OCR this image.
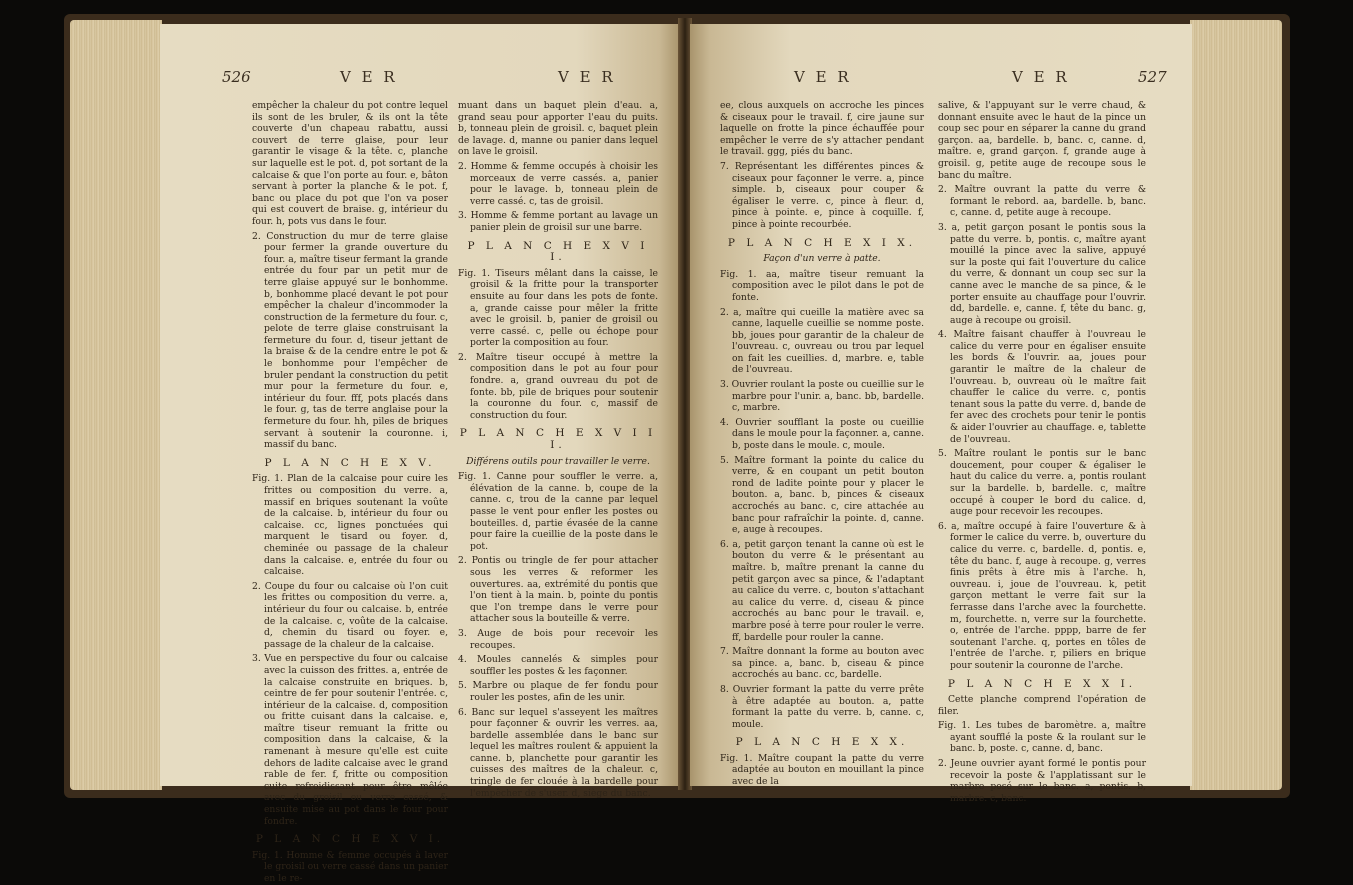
526	V E R	V E R

empêcher la chaleur du pot contre lequel ils sont de les bruler, & ils ont la tête couverte d'un chapeau rabattu, aussi couvert de terre glaise, pour leur garantir le visage & la tête. c, planche sur laquelle est le pot. d, pot sortant de la calcaise & que l'on porte au four. e, bâton servant à porter la planche & le pot. f, banc ou place du pot que l'on va poser qui est couvert de braise. g, intérieur du four. h, pots vus dans le four.

2. Construction du mur de terre glaise pour fermer la grande ouverture du four. a, maître tiseur fermant la grande entrée du four par un petit mur de terre glaise appuyé sur le bonhomme. b, bonhomme placé devant le pot pour empêcher la chaleur d'incommoder la construction de la fermeture du four. c, pelote de terre glaise construisant la fermeture du four. d, tiseur jettant de la braise & de la cendre entre le pot & le bonhomme pour l'empêcher de bruler pendant la construction du petit mur pour la fermeture du four. e, intérieur du four. fff, pots placés dans le four. g, tas de terre anglaise pour la fermeture du four. hh, piles de briques servant à soutenir la couronne. i, massif du banc.

P L A N C H E X V.

Fig. 1. Plan de la calcaise pour cuire les frittes ou composition du verre. a, massif en briques soutenant la voûte de la calcaise. b, intérieur du four ou calcaise. cc, lignes ponctuées qui marquent le tisard ou foyer. d, cheminée ou passage de la chaleur dans la calcaise. e, entrée du four ou calcaise.

2. Coupe du four ou calcaise où l'on cuit les frittes ou composition du verre. a, intérieur du four ou calcaise. b, entrée de la calcaise. c, voûte de la calcaise. d, chemin du tisard ou foyer. e, passage de la chaleur de la calcaise.

3. Vue en perspective du four ou calcaise avec la cuisson des frittes. a, entrée de la calcaise construite en briques. b, ceintre de fer pour soutenir l'entrée. c, intérieur de la calcaise. d, composition ou fritte cuisant dans la calcaise. e, maître tiseur remuant la fritte ou composition dans la calcaise, & la ramenant à mesure qu'elle est cuite dehors de ladite calcaise avec le grand rable de fer. f, fritte ou composition cuite refroidissant pour être mêlée avec du groisil ou verre cassé, & ensuite mise au pot dans le four pour fondre.

P L A N C H E X V I.

Fig. 1. Homme & femme occupés à laver le groisil ou verre cassé dans un panier en le re-

muant dans un baquet plein d'eau. a, grand seau pour apporter l'eau du puits. b, tonneau plein de groisil. c, baquet plein de lavage. d, manne ou panier dans lequel on lave le groisil.

2. Homme & femme occupés à choisir les morceaux de verre cassés. a, panier pour le lavage. b, tonneau plein de verre cassé. c, tas de groisil.

3. Homme & femme portant au lavage un panier plein de groisil sur une barre.

P L A N C H E X V I I.

Fig. 1. Tiseurs mêlant dans la caisse, le groisil & la fritte pour la transporter ensuite au four dans les pots de fonte. a, grande caisse pour mêler la fritte avec le groisil. b, panier de groisil ou verre cassé. c, pelle ou échope pour porter la composition au four.

2. Maître tiseur occupé à mettre la composition dans le pot au four pour fondre. a, grand ouvreau du pot de fonte. bb, pile de briques pour soutenir la couronne du four. c, massif de construction du four.

P L A N C H E X V I I I.

Différens outils pour travailler le verre.

Fig. 1. Canne pour souffler le verre. a, élévation de la canne. b, coupe de la canne. c, trou de la canne par lequel passe le vent pour enfler les postes ou bouteilles. d, partie évasée de la canne pour faire la cueillie de la poste dans le pot.

2. Pontis ou tringle de fer pour attacher sous les verres & reformer les ouvertures. aa, extrémité du pontis que l'on tient à la main. b, pointe du pontis que l'on trempe dans le verre pour attacher sous la bouteille & verre.

3. Auge de bois pour recevoir les recoupes.

4. Moules cannelés & simples pour souffler les postes & les façonner.

5. Marbre ou plaque de fer fondu pour rouler les postes, afin de les unir.

6. Banc sur lequel s'asseyent les maîtres pour façonner & ouvrir les verres. aa, bardelle assemblée dans le banc sur lequel les maîtres roulent & appuient la canne. b, planchette pour garantir les cuisses des maîtres de la chaleur. c, tringle de fer clouée à la bardelle pour l'empêcher de s'user. d, siège du banc.

V E R	V E R	527

ee, clous auxquels on accroche les pinces & ciseaux pour le travail. f, cire jaune sur laquelle on frotte la pince échauffée pour empêcher le verre de s'y attacher pendant le travail. ggg, piés du banc.

7. Représentant les différentes pinces & ciseaux pour façonner le verre. a, pince simple. b, ciseaux pour couper & égaliser le verre. c, pince à fleur. d, pince à pointe. e, pince à coquille. f, pince à pointe recourbée.

P L A N C H E X I X.

Façon d'un verre à patte.

Fig. 1. aa, maître tiseur remuant la composition avec le pilot dans le pot de fonte.

2. a, maître qui cueille la matière avec sa canne, laquelle cueillie se nomme poste. bb, joues pour garantir de la chaleur de l'ouvreau. c, ouvreau ou trou par lequel on fait les cueillies. d, marbre. e, table de l'ouvreau.

3. Ouvrier roulant la poste ou cueillie sur le marbre pour l'unir. a, banc. bb, bardelle. c, marbre.

4. Ouvrier soufflant la poste ou cueillie dans le moule pour la façonner. a, canne. b, poste dans le moule. c, moule.

5. Maître formant la pointe du calice du verre, & en coupant un petit bouton rond de ladite pointe pour y placer le bouton. a, banc. b, pinces & ciseaux accrochés au banc. c, cire attachée au banc pour rafraîchir la pointe. d, canne. e, auge à recoupes.

6. a, petit garçon tenant la canne où est le bouton du verre & le présentant au maître. b, maître prenant la canne du petit garçon avec sa pince, & l'adaptant au calice du verre. c, bouton s'attachant au calice du verre. d, ciseau & pince accrochés au banc pour le travail. e, marbre posé à terre pour rouler le verre. ff, bardelle pour rouler la canne.

7. Maître donnant la forme au bouton avec sa pince. a, banc. b, ciseau & pince accrochés au banc. cc, bardelle.

8. Ouvrier formant la patte du verre prête à être adaptée au bouton. a, patte formant la patte du verre. b, canne. c, moule.

P L A N C H E X X.

Fig. 1. Maître coupant la patte du verre adaptée au bouton en mouillant la pince avec de la

salive, & l'appuyant sur le verre chaud, & donnant ensuite avec le haut de la pince un coup sec pour en séparer la canne du grand garçon. aa, bardelle. b, banc. c, canne. d, maître. e, grand garçon. f, grande auge à groisil. g, petite auge de recoupe sous le banc du maître.

2. Maître ouvrant la patte du verre & formant le rebord. aa, bardelle. b, banc. c, canne. d, petite auge à recoupe.

3. a, petit garçon posant le pontis sous la patte du verre. b, pontis. c, maître ayant mouillé la pince avec la salive, appuyé sur la poste qui fait l'ouverture du calice du verre, & donnant un coup sec sur la canne avec le manche de sa pince, & le porter ensuite au chauffage pour l'ouvrir. dd, bardelle. e, canne. f, tête du banc. g, auge à recoupe ou groisil.

4. Maître faisant chauffer à l'ouvreau le calice du verre pour en égaliser ensuite les bords & l'ouvrir. aa, joues pour garantir le maître de la chaleur de l'ouvreau. b, ouvreau où le maître fait chauffer le calice du verre. c, pontis tenant sous la patte du verre. d, bande de fer avec des crochets pour tenir le pontis & aider l'ouvrier au chauffage. e, tablette de l'ouvreau.

5. Maître roulant le pontis sur le banc doucement, pour couper & égaliser le haut du calice du verre. a, pontis roulant sur la bardelle. b, bardelle. c, maître occupé à couper le bord du calice. d, auge pour recevoir les recoupes.

6. a, maître occupé à faire l'ouverture & à former le calice du verre. b, ouverture du calice du verre. c, bardelle. d, pontis. e, tête du banc. f, auge à recoupe. g, verres finis prêts à être mis à l'arche. h, ouvreau. i, joue de l'ouvreau. k, petit garçon mettant le verre fait sur la ferrasse dans l'arche avec la fourchette. m, fourchette. n, verre sur la fourchette. o, entrée de l'arche. pppp, barre de fer soutenant l'arche. q, portes en tôles de l'entrée de l'arche. r, piliers en brique pour soutenir la couronne de l'arche.

P L A N C H E X X I.

Cette planche comprend l'opération de filer.

Fig. 1. Les tubes de baromètre. a, maître ayant soufflé la poste & la roulant sur le banc. b, poste. c, canne. d, banc.

2. Jeune ouvrier ayant formé le pontis pour recevoir la poste & l'applatissant sur le marbre posé sur le banc. a, pontis. b, marbre. c, banc.
